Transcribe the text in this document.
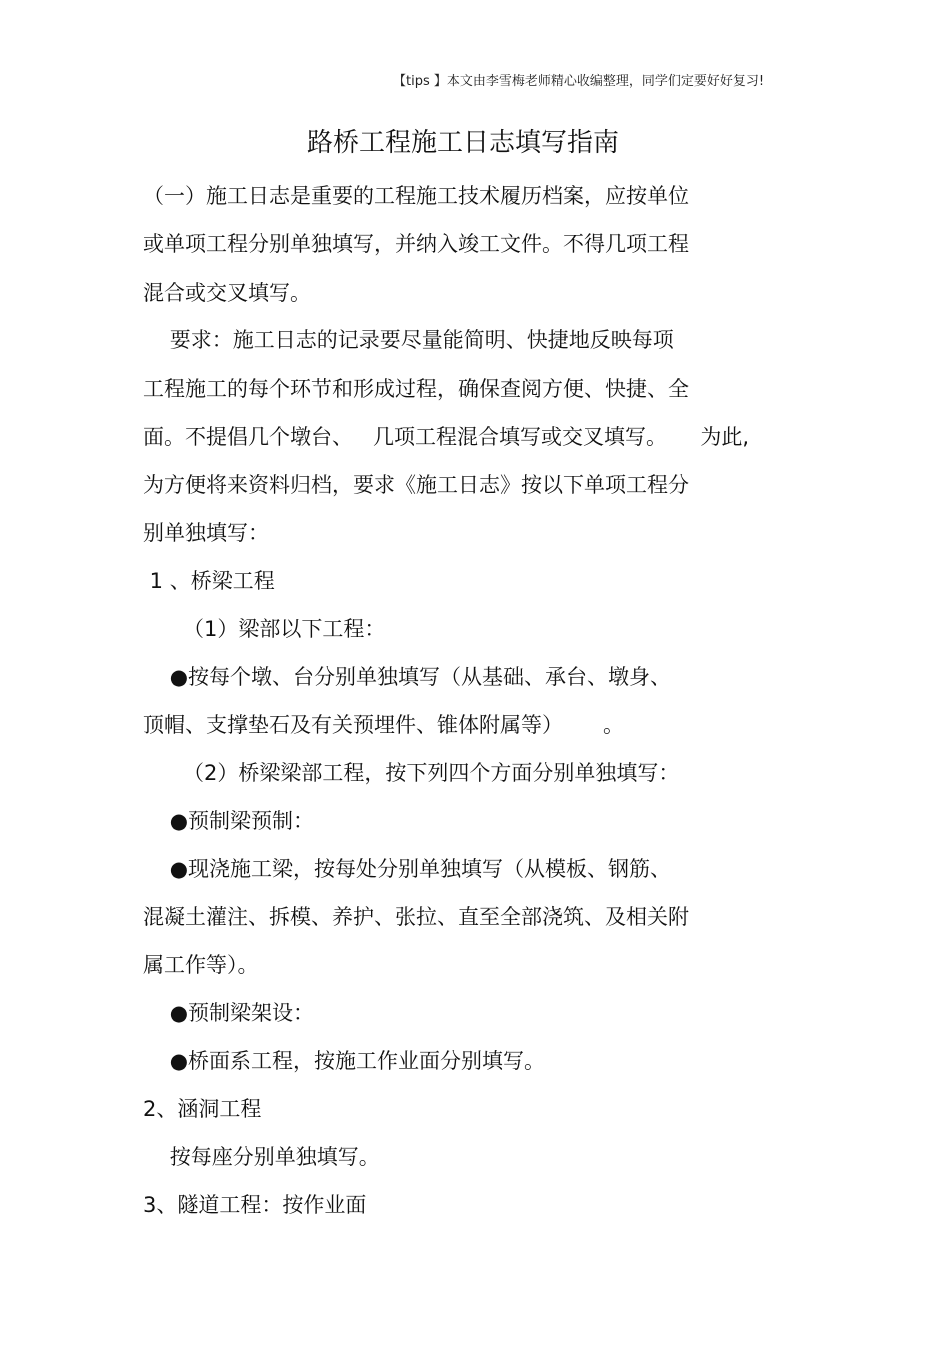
【tips 】本文由李雪梅老师精心收编整理，同学们定要好好复习!
路桥工程施工日志填写指南
（一）施工日志是重要的工程施工技术履历档案，应按单位
或单项工程分别单独填写，并纳入竣工文件。不得几项工程
混合或交叉填写。
要求：施工日志的记录要尽量能简明、快捷地反映每项
工程施工的每个环节和形成过程，确保查阅方便、快捷、全
面。不提倡几个墩台、   几项工程混合填写或交叉填写。     为此,
为方便将来资料归档，要求《施工日志》按以下单项工程分
别单独填写：
1 、桥梁工程
（1）梁部以下工程：
●按每个墩、台分别单独填写（从基础、承台、墩身、
顶帽、支撑垫石及有关预埋件、锥体附属等）      。
（2）桥梁梁部工程，按下列四个方面分别单独填写：
●预制梁预制：
●现浇施工梁，按每处分别单独填写（从模板、钢筋、
混凝土灌注、拆模、养护、张拉、直至全部浇筑、及相关附
属工作等）。
●预制梁架设：
●桥面系工程，按施工作业面分别填写。
2、涵洞工程
按每座分别单独填写。
3、隧道工程：按作业面
